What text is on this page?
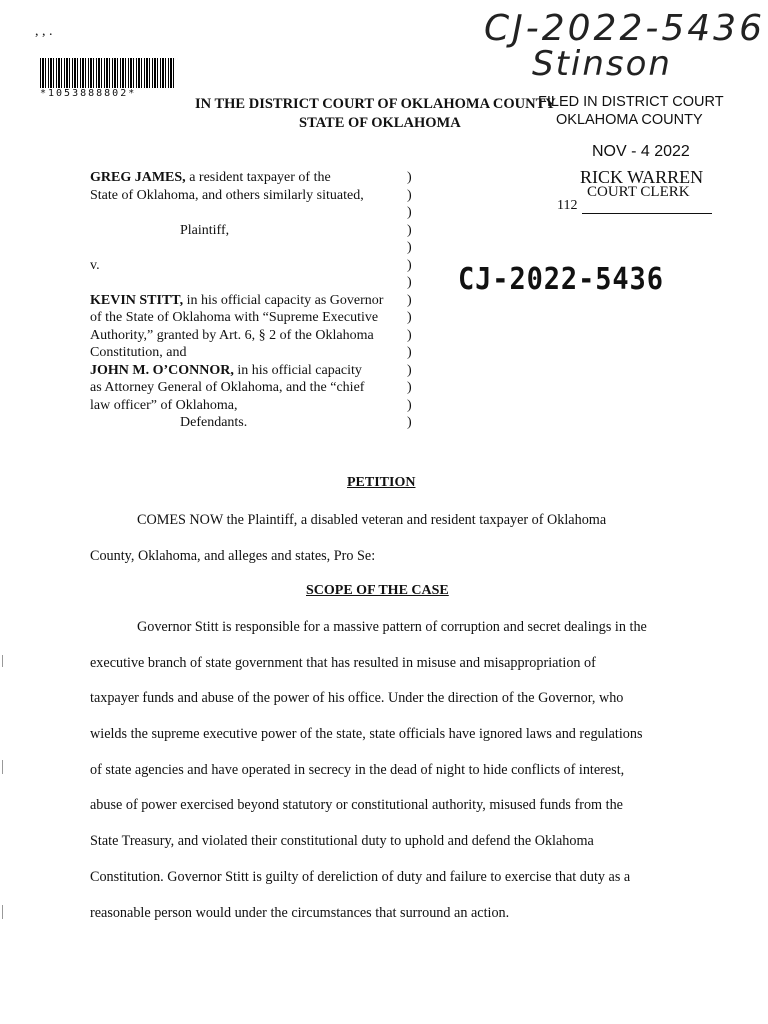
, , .
*1053888802*
CJ-2022-5436
Stinson
IN THE DISTRICT COURT OF OKLAHOMA COUNTY
STATE OF OKLAHOMA
FILED IN DISTRICT COURT
OKLAHOMA COUNTY
NOV - 4 2022
RICK WARREN
COURT CLERK
112
CJ-2022-5436
GREG JAMES, a resident taxpayer of the
State of Oklahoma, and others similarly situated,
Plaintiff,
v.
KEVIN STITT, in his official capacity as Governor
of the State of Oklahoma with “Supreme Executive
Authority,” granted by Art. 6, § 2 of the Oklahoma
Constitution, and
JOHN M. O’CONNOR, in his official capacity
as Attorney General of Oklahoma, and the “chief
law officer” of Oklahoma,
Defendants.
)
)
)
)
)
)
)
)
)
)
)
)
)
)
)
PETITION
COMES NOW the Plaintiff, a disabled veteran and resident taxpayer of Oklahoma
County, Oklahoma, and alleges and states, Pro Se:
SCOPE OF THE CASE
Governor Stitt is responsible for a massive pattern of corruption and secret dealings in the
executive branch of state government that has resulted in misuse and misappropriation of
taxpayer funds and abuse of the power of his office. Under the direction of the Governor, who
wields the supreme executive power of the state, state officials have ignored laws and regulations
of state agencies and have operated in secrecy in the dead of night to hide conflicts of interest,
abuse of power exercised beyond statutory or constitutional authority, misused funds from the
State Treasury, and violated their constitutional duty to uphold and defend the Oklahoma
Constitution. Governor Stitt is guilty of dereliction of duty and failure to exercise that duty as a
reasonable person would under the circumstances that surround an action.
